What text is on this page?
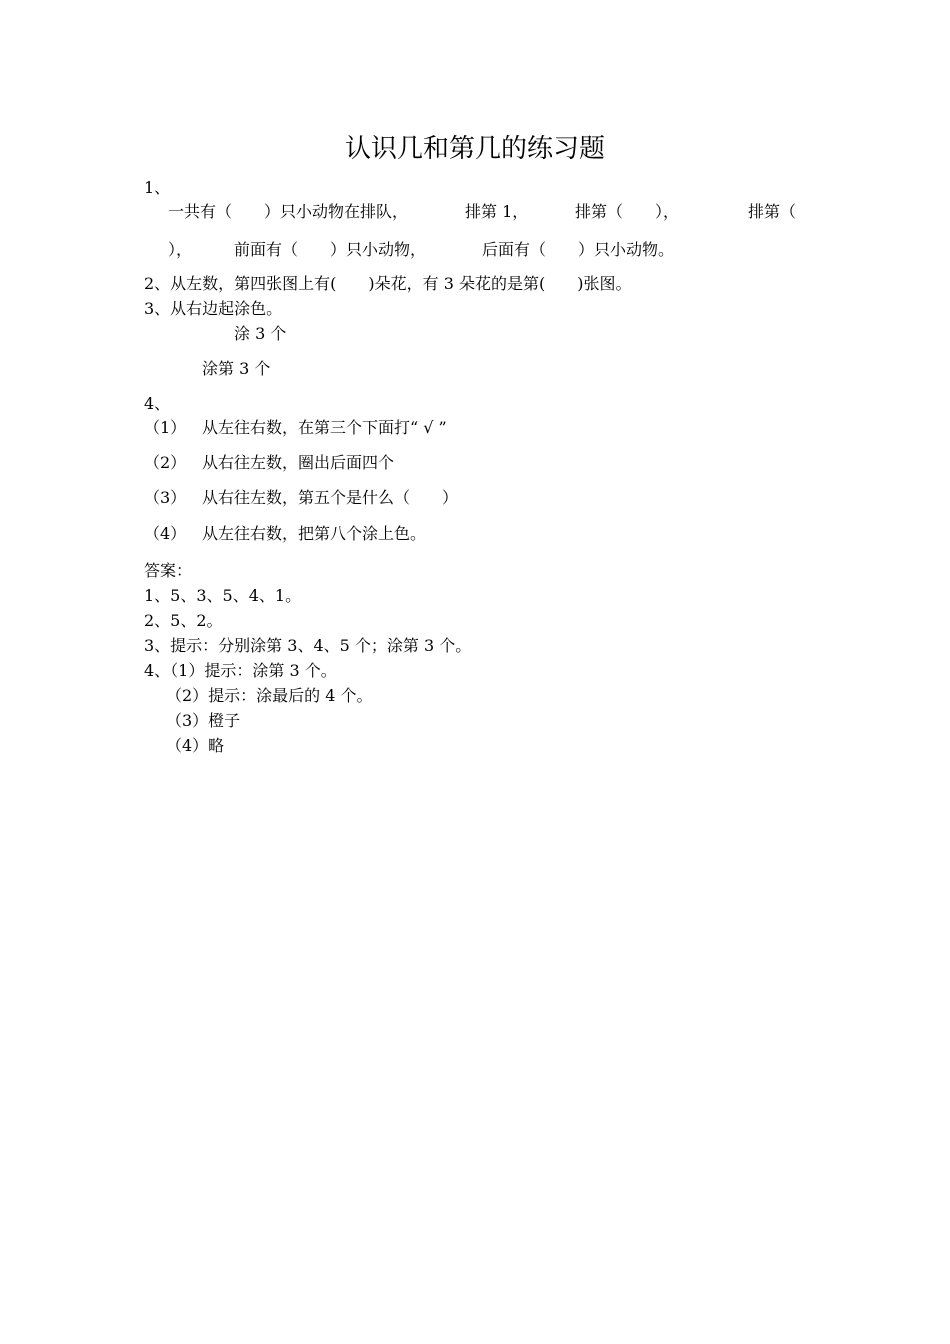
认识几和第几的练习题
1、
一共有（　　）只小动物在排队，	排第 1，	排第（　　），	排第（
），	前面有（　　）只小动物，	后面有（　　）只小动物。
2、从左数，第四张图上有(　　)朵花，有 3 朵花的是第(　　)张图。
3、从右边起涂色。
涂 3 个
涂第 3 个
4、
（1） 从左往右数，在第三个下面打“ √ ”
（2） 从右往左数，圈出后面四个
（3） 从右往左数，第五个是什么（　　）
（4） 从左往右数，把第八个涂上色。
答案：
1、5、3、5、4、1。
2、5、2。
3、提示：分别涂第 3、4、5 个；涂第 3 个。
4、（1）提示：涂第 3 个。
（2）提示：涂最后的 4 个。
（3）橙子
（4）略
